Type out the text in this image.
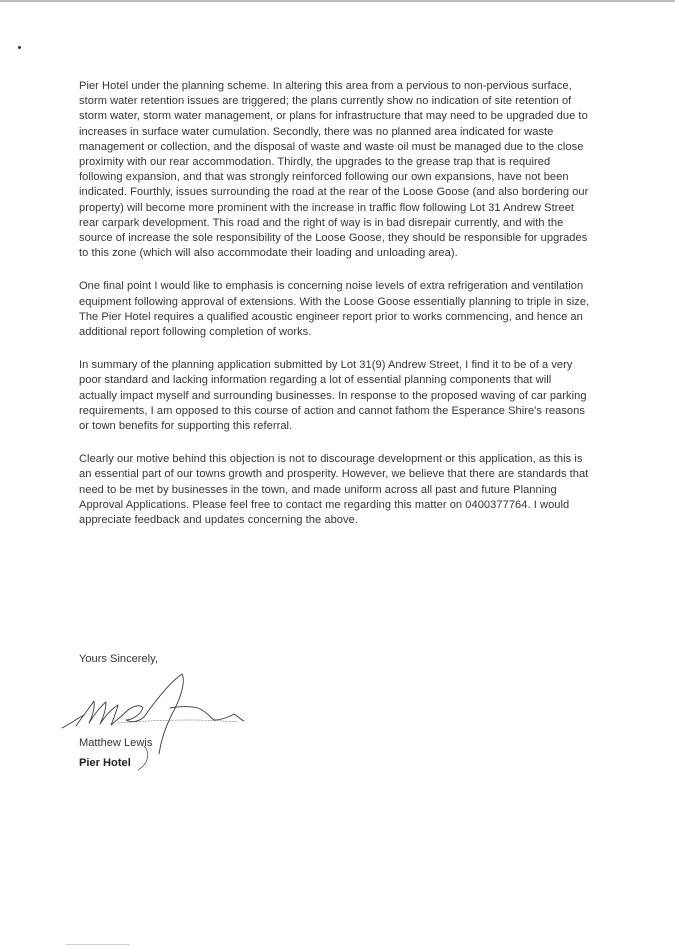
Pier Hotel under the planning scheme. In altering this area from a pervious to non-pervious surface, storm water retention issues are triggered; the plans currently show no indication of site retention of storm water, storm water management, or plans for infrastructure that may need to be upgraded due to increases in surface water cumulation. Secondly, there was no planned area indicated for waste management or collection, and the disposal of waste and waste oil must be managed due to the close proximity with our rear accommodation. Thirdly, the upgrades to the grease trap that is required following expansion, and that was strongly reinforced following our own expansions, have not been indicated. Fourthly, issues surrounding the road at the rear of the Loose Goose (and also bordering our property) will become more prominent with the increase in traffic flow following Lot 31 Andrew Street rear carpark development. This road and the right of way is in bad disrepair currently, and with the source of increase the sole responsibility of the Loose Goose, they should be responsible for upgrades to this zone (which will also accommodate their loading and unloading area).

One final point I would like to emphasis is concerning noise levels of extra refrigeration and ventilation equipment following approval of extensions. With the Loose Goose essentially planning to triple in size, The Pier Hotel requires a qualified acoustic engineer report prior to works commencing, and hence an additional report following completion of works.

In summary of the planning application submitted by Lot 31(9) Andrew Street, I find it to be of a very poor standard and lacking information regarding a lot of essential planning components that will actually impact myself and surrounding businesses. In response to the proposed waving of car parking requirements, I am opposed to this course of action and cannot fathom the Esperance Shire's reasons or town benefits for supporting this referral.

Clearly our motive behind this objection is not to discourage development or this application, as this is an essential part of our towns growth and prosperity. However, we believe that there are standards that need to be met by businesses in the town, and made uniform across all past and future Planning Approval Applications. Please feel free to contact me regarding this matter on 0400377764. I would appreciate feedback and updates concerning the above.

Yours Sincerely,

Matthew Lewis

Pier Hotel
